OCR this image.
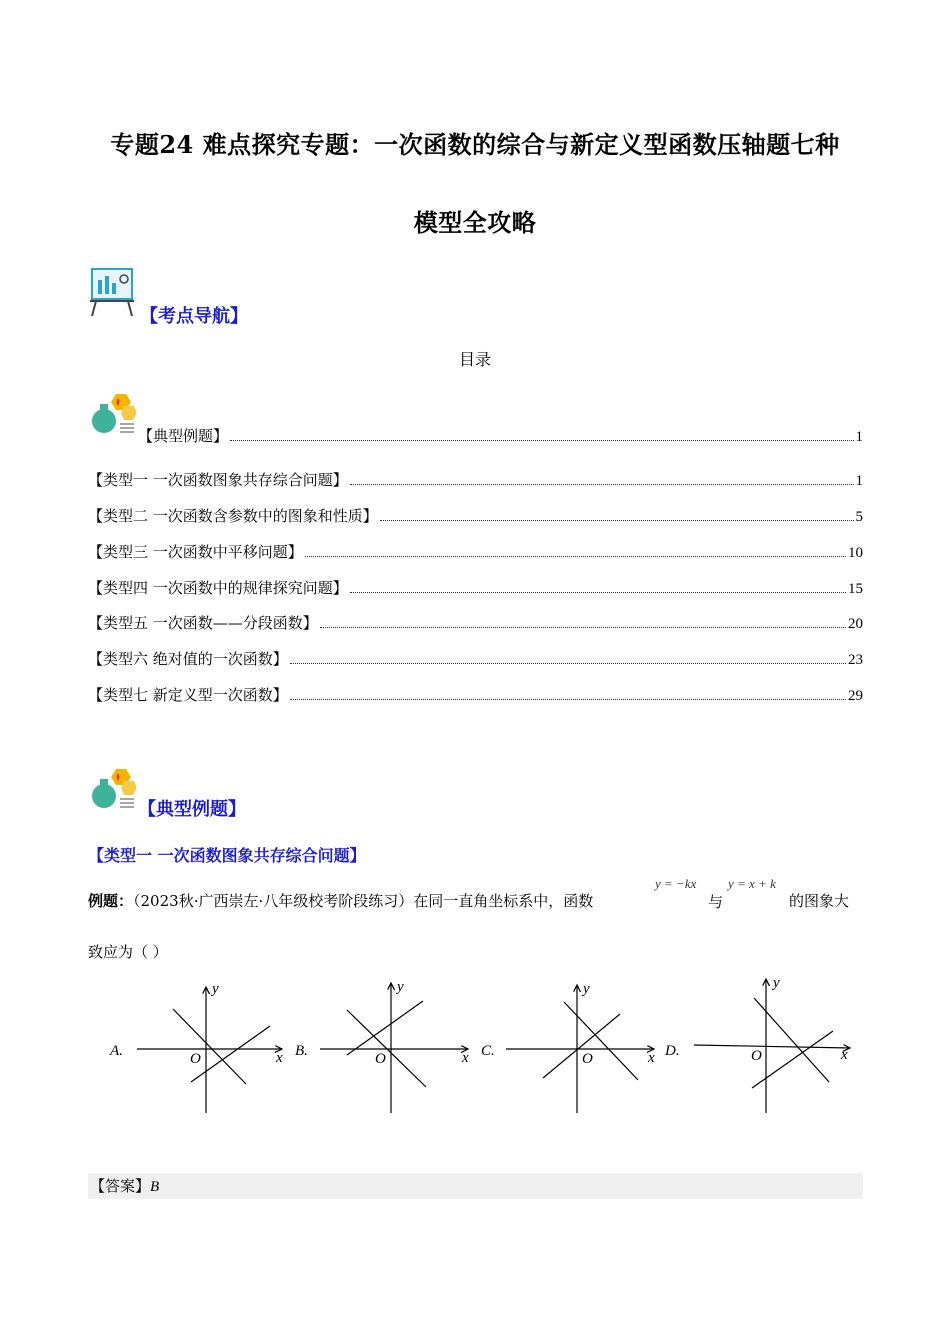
专题24 难点探究专题：一次函数的综合与新定义型函数压轴题七种
模型全攻略
【考点导航】
目录
【典型例题】	1
【类型一 一次函数图象共存综合问题】	1
【类型二 一次函数含参数中的图象和性质】	5
【类型三 一次函数中平移问题】	10
【类型四 一次函数中的规律探究问题】	15
【类型五 一次函数——分段函数】	20
【类型六 绝对值的一次函数】	23
【类型七 新定义型一次函数】	29
【典型例题】
【类型一 一次函数图象共存综合问题】
例题：（2023秋·广西崇左·八年级校考阶段练习）在同一直角坐标系中，函数
y = −kx
与
y = x + k
的图象大
致应为（ ）
A.	x
y
O	B.	x
y
O	C.	x
y
O	D.	x
y
O
【答案】B
